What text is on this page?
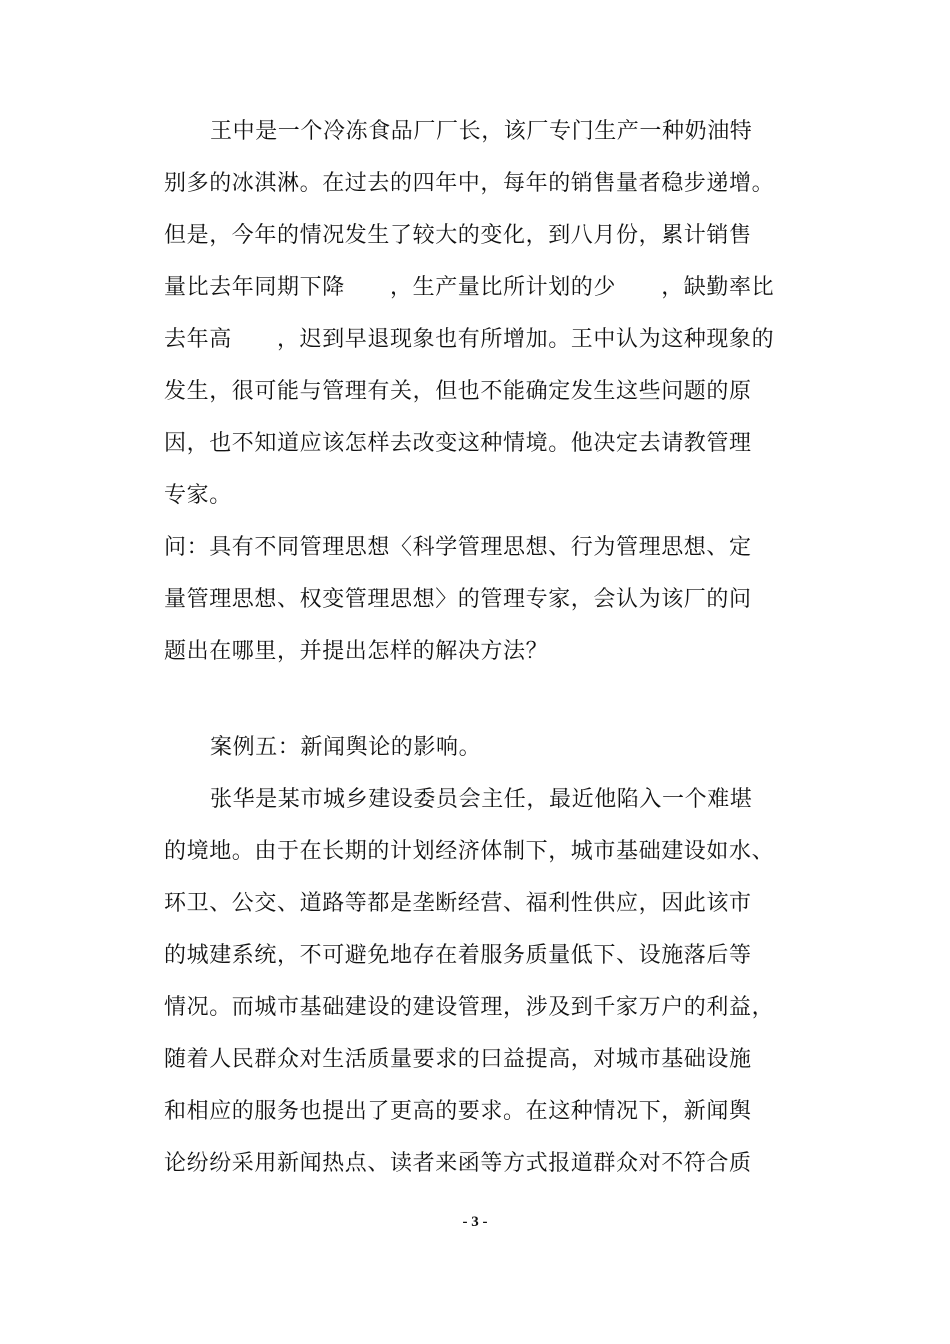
王中是一个冷冻食品厂厂长，该厂专门生产一种奶油特
别多的冰淇淋。在过去的四年中，每年的销售量者稳步递增。
但是，今年的情况发生了较大的变化，到八月份，累计销售
量比去年同期下降　　，生产量比所计划的少　　，缺勤率比
去年高　　，迟到早退现象也有所增加。王中认为这种现象的
发生，很可能与管理有关，但也不能确定发生这些问题的原
因，也不知道应该怎样去改变这种情境。他决定去请教管理
专家。
问：具有不同管理思想〈科学管理思想、行为管理思想、定
量管理思想、权变管理思想〉的管理专家，会认为该厂的问
题出在哪里，并提出怎样的解决方法？
案例五：新闻舆论的影响。
张华是某市城乡建设委员会主任，最近他陷入一个难堪
的境地。由于在长期的计划经济体制下，城市基础建设如水、
环卫、公交、道路等都是垄断经营、福利性供应，因此该市
的城建系统，不可避免地存在着服务质量低下、设施落后等
情况。而城市基础建设的建设管理，涉及到千家万户的利益，
随着人民群众对生活质量要求的曰益提高，对城市基础设施
和相应的服务也提出了更高的要求。在这种情况下，新闻舆
论纷纷采用新闻热点、读者来函等方式报道群众对不符合质
- 3 -
